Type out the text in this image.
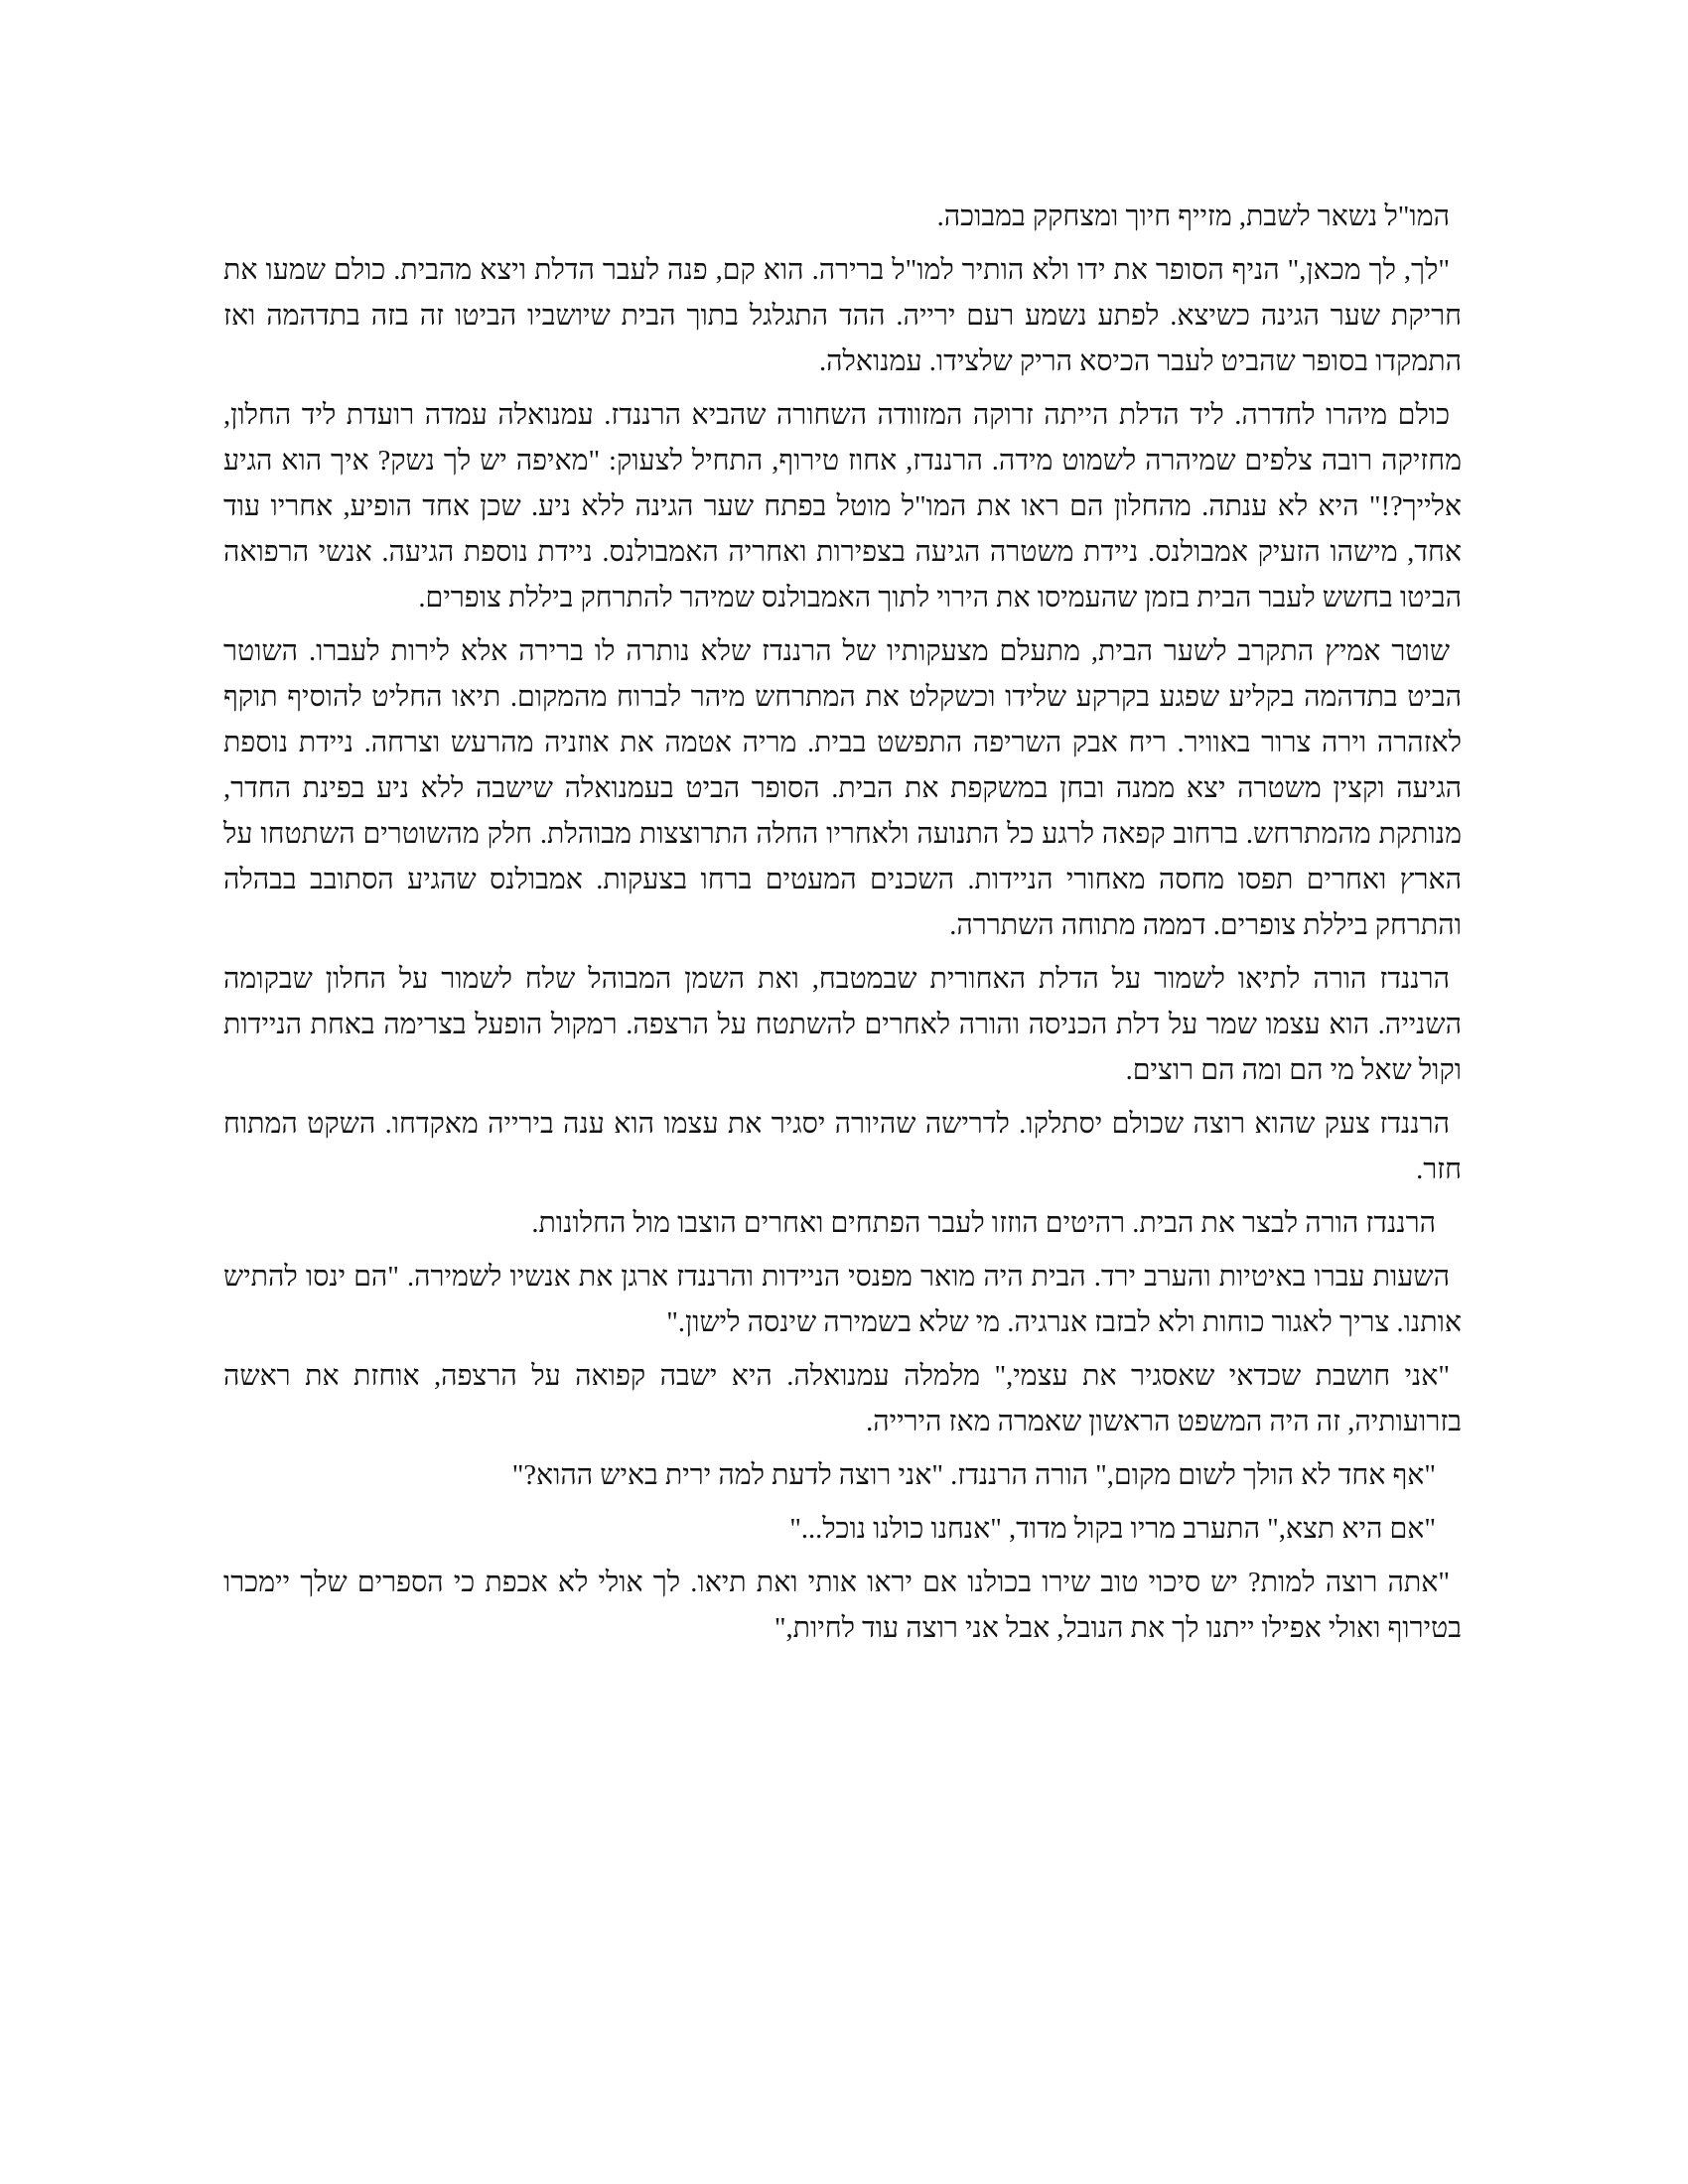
המו"ל נשאר לשבת, מזייף חיוך ומצחקק במבוכה.

"לך, לך מכאן," הניף הסופר את ידו ולא הותיר למו"ל ברירה. הוא קם, פנה לעבר הדלת ויצא מהבית. כולם שמעו את חריקת שער הגינה כשיצא. לפתע נשמע רעם ירייה. ההד התגלגל בתוך הבית שיושביו הביטו זה בזה בתדהמה ואז התמקדו בסופר שהביט לעבר הכיסא הריק שלצידו. עמנואלה.

כולם מיהרו לחדרה. ליד הדלת הייתה זרוקה המזוודה השחורה שהביא הרננדז. עמנואלה עמדה רועדת ליד החלון, מחזיקה רובה צלפים שמיהרה לשמוט מידה. הרננדז, אחוז טירוף, התחיל לצעוק: "מאיפה יש לך נשק? איך הוא הגיע אלייך?!" היא לא ענתה. מהחלון הם ראו את המו"ל מוטל בפתח שער הגינה ללא ניע. שכן אחד הופיע, אחריו עוד אחד, מישהו הזעיק אמבולנס. ניידת משטרה הגיעה בצפירות ואחריה האמבולנס. ניידת נוספת הגיעה. אנשי הרפואה הביטו בחשש לעבר הבית בזמן שהעמיסו את הירוי לתוך האמבולנס שמיהר להתרחק ביללת צופרים.

שוטר אמיץ התקרב לשער הבית, מתעלם מצעקותיו של הרננדז שלא נותרה לו ברירה אלא לירות לעברו. השוטר הביט בתדהמה בקליע שפגע בקרקע שלידו וכשקלט את המתרחש מיהר לברוח מהמקום. תיאו החליט להוסיף תוקף לאזהרה וירה צרור באוויר. ריח אבק השריפה התפשט בבית. מריה אטמה את אוזניה מהרעש וצרחה. ניידת נוספת הגיעה וקצין משטרה יצא ממנה ובחן במשקפת את הבית. הסופר הביט בעמנואלה שישבה ללא ניע בפינת החדר, מנותקת מהמתרחש. ברחוב קפאה לרגע כל התנועה ולאחריו החלה התרוצצות מבוהלת. חלק מהשוטרים השתטחו על הארץ ואחרים תפסו מחסה מאחורי הניידות. השכנים המעטים ברחו בצעקות. אמבולנס שהגיע הסתובב בבהלה והתרחק ביללת צופרים. דממה מתוחה השתררה.

הרננדז הורה לתיאו לשמור על הדלת האחורית שבמטבח, ואת השמן המבוהל שלח לשמור על החלון שבקומה השנייה. הוא עצמו שמר על דלת הכניסה והורה לאחרים להשתטח על הרצפה. רמקול הופעל בצרימה באחת הניידות וקול שאל מי הם ומה הם רוצים.

הרננדז צעק שהוא רוצה שכולם יסתלקו. לדרישה שהיורה יסגיר את עצמו הוא ענה בירייה מאקדחו. השקט המתוח חזר.

הרננדז הורה לבצר את הבית. רהיטים הוזזו לעבר הפתחים ואחרים הוצבו מול החלונות.

השעות עברו באיטיות והערב ירד. הבית היה מואר מפנסי הניידות והרננדז ארגן את אנשיו לשמירה. "הם ינסו להתיש אותנו. צריך לאגור כוחות ולא לבזבז אנרגיה. מי שלא בשמירה שינסה לישון."

"אני חושבת שכדאי שאסגיר את עצמי," מלמלה עמנואלה. היא ישבה קפואה על הרצפה, אוחזת את ראשה בזרועותיה, זה היה המשפט הראשון שאמרה מאז הירייה.

"אף אחד לא הולך לשום מקום," הורה הרננדז. "אני רוצה לדעת למה ירית באיש ההוא?"

"אם היא תצא," התערב מריו בקול מדוד, "אנחנו כולנו נוכל..."

"אתה רוצה למות? יש סיכוי טוב שירו בכולנו אם יראו אותי ואת תיאו. לך אולי לא אכפת כי הספרים שלך יימכרו בטירוף ואולי אפילו ייתנו לך את הנובל, אבל אני רוצה עוד לחיות,"
